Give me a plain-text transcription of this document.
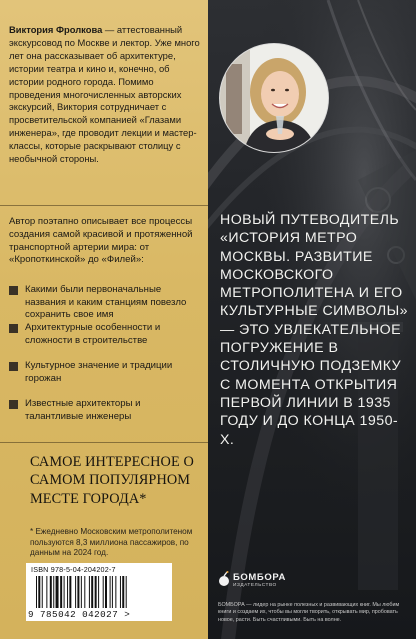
Виктория Фролкова — аттестованный экскурсовод по Москве и лектор. Уже много лет она рассказывает об архитектуре, истории театра и кино и, конечно, об истории родного города. Помимо проведения многочисленных авторских экскурсий, Виктория сотрудничает с просветительской компанией «Глазами инженера», где проводит лекции и мастер-классы, которые раскрывают столицу с необычной стороны.

Автор поэтапно описывает все процессы создания самой красивой и протяженной транспортной артерии мира: от «Кропоткинской» до «Филей»:

Какими были первоначальные названия и каким станциям повезло сохранить свое имя
Архитектурные особенности и сложности в строительстве
Культурное значение и традиции горожан
Известные архитекторы и талантливые инженеры

САМОЕ ИНТЕРЕСНОЕ О САМОМ ПОПУЛЯРНОМ МЕСТЕ ГОРОДА*

* Ежедневно Московским метрополитеном пользуются 8,3 миллиона пассажиров, по данным на 2024 год.

ISBN 978-5-04-204202-7
9 785042 042027 >

НОВЫЙ ПУТЕВОДИТЕЛЬ «ИСТОРИЯ МЕТРО МОСКВЫ. РАЗВИТИЕ МОСКОВСКОГО МЕТРОПОЛИТЕНА И ЕГО КУЛЬТУРНЫЕ СИМВОЛЫ» — ЭТО УВЛЕКАТЕЛЬНОЕ ПОГРУЖЕНИЕ В СТОЛИЧНУЮ ПОДЗЕМКУ С МОМЕНТА ОТКРЫТИЯ ПЕРВОЙ ЛИНИИ В 1935 ГОДУ И ДО КОНЦА 1950-Х.

БОМБОРА
ИЗДАТЕЛЬСТВО

БОМБОРА — лидер на рынке полезных и развивающих книг. Мы любим книги и создаем их, чтобы вы могли творить, открывать мир, пробовать новое, расти. Быть счастливыми. Быть на волне.
